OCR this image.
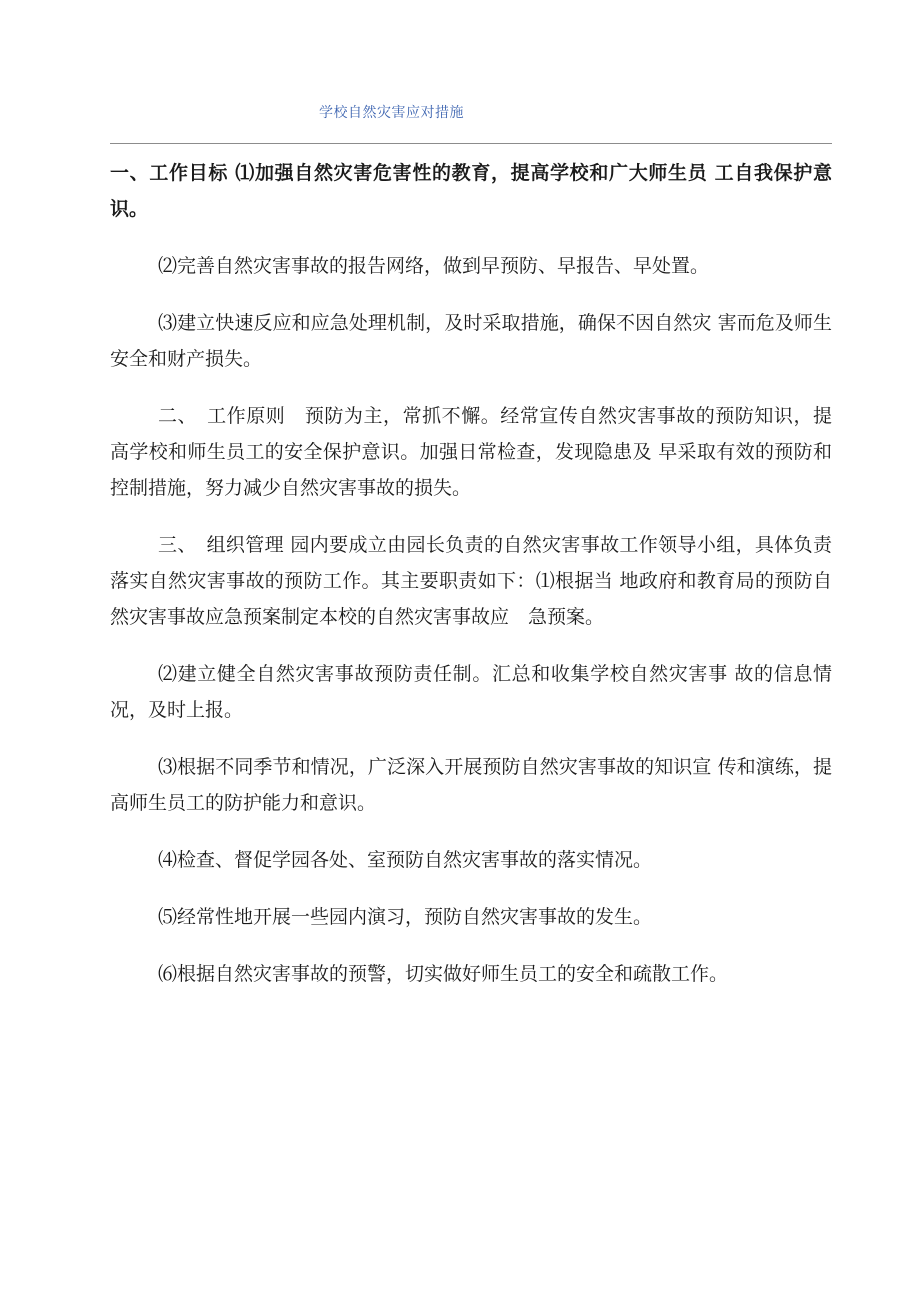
学校自然灾害应对措施

一、工作目标 ⑴加强自然灾害危害性的教育，提高学校和广大师生员 工自我保护意识。

⑵完善自然灾害事故的报告网络，做到早预防、早报告、早处置。

⑶建立快速反应和应急处理机制，及时采取措施，确保不因自然灾 害而危及师生安全和财产损失。

二、　工作原则　预防为主，常抓不懈。经常宣传自然灾害事故的预防知识，提高学校和师生员工的安全保护意识。加强日常检查，发现隐患及 早采取有效的预防和控制措施，努力减少自然灾害事故的损失。

三、　组织管理 园内要成立由园长负责的自然灾害事故工作领导小组，具体负责落实自然灾害事故的预防工作。其主要职责如下：⑴根据当 地政府和教育局的预防自然灾害事故应急预案制定本校的自然灾害事故应　急预案。

⑵建立健全自然灾害事故预防责任制。汇总和收集学校自然灾害事 故的信息情况，及时上报。

⑶根据不同季节和情况，广泛深入开展预防自然灾害事故的知识宣 传和演练，提高师生员工的防护能力和意识。

⑷检查、督促学园各处、室预防自然灾害事故的落实情况。

⑸经常性地开展一些园内演习，预防自然灾害事故的发生。

⑹根据自然灾害事故的预警，切实做好师生员工的安全和疏散工作。
